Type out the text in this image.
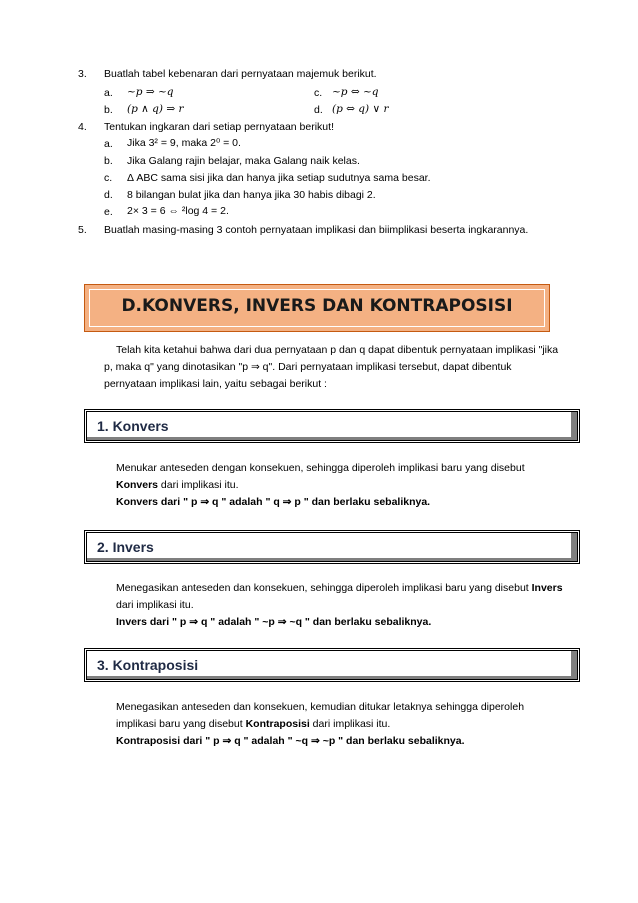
3. Buatlah tabel kebenaran dari pernyataan majemuk berikut.
a. ~p ⇒ ~q	c. ~p ⇔ ~q
b. (p ∧ q) ⇒ r	d. (p ⇔ q) ∨ r
4. Tentukan ingkaran dari setiap pernyataan berikut!
a. Jika 3² = 9, maka 2⁰ = 0.
b. Jika Galang rajin belajar, maka Galang naik kelas.
c. Δ ABC sama sisi jika dan hanya jika setiap sudutnya sama besar.
d. 8 bilangan bulat jika dan hanya jika 30 habis dibagi 2.
e. 2× 3 = 6 ⇔ ²log 4 = 2.
5. Buatlah masing-masing 3 contoh pernyataan implikasi dan biimplikasi beserta ingkarannya.
D.KONVERS, INVERS DAN KONTRAPOSISI
Telah kita ketahui bahwa dari dua pernyataan p dan q dapat dibentuk pernyataan implikasi "jika
p, maka q" yang dinotasikan "p ⇒ q". Dari pernyataan implikasi tersebut, dapat dibentuk
pernyataan implikasi lain, yaitu sebagai berikut :
1. Konvers
Menukar anteseden dengan konsekuen, sehingga diperoleh implikasi baru yang disebut
Konvers dari implikasi itu.
Konvers dari " p ⇒ q " adalah " q ⇒ p " dan berlaku sebaliknya.
2. Invers
Menegasikan anteseden dan konsekuen, sehingga diperoleh implikasi baru yang disebut Invers
dari implikasi itu.
Invers dari " p ⇒ q " adalah " ~p ⇒ ~q " dan berlaku sebaliknya.
3. Kontraposisi
Menegasikan anteseden dan konsekuen, kemudian ditukar letaknya sehingga diperoleh
implikasi baru yang disebut Kontraposisi dari implikasi itu.
Kontraposisi dari " p ⇒ q " adalah " ~q ⇒ ~p " dan berlaku sebaliknya.
